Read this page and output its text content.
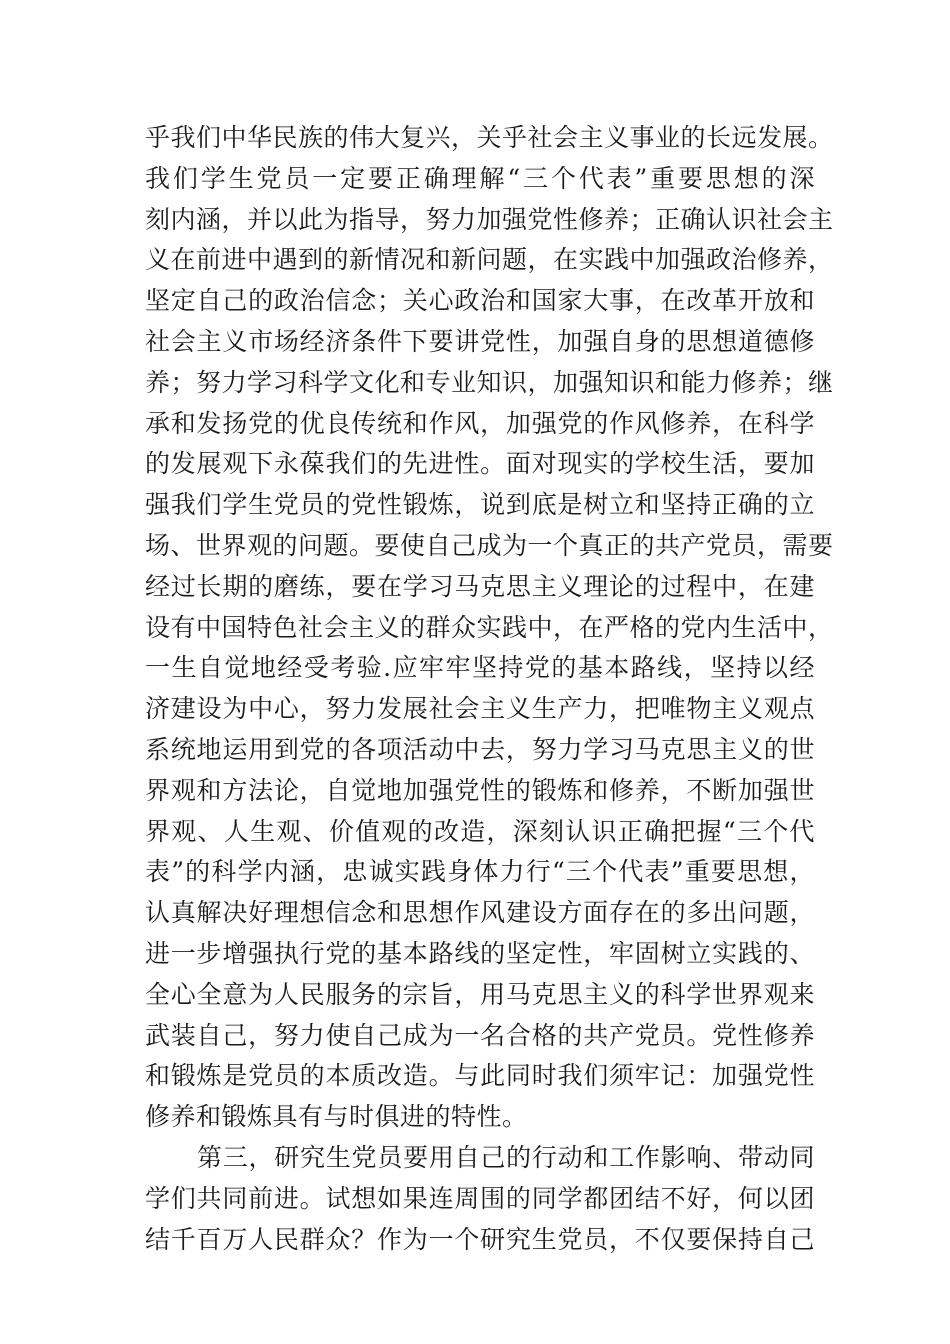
乎我们中华民族的伟大复兴，关乎社会主义事业的长远发展。
我们学生党员一定要正确理解“三个代表”重要思想的深
刻内涵，并以此为指导，努力加强党性修养；正确认识社会主
义在前进中遇到的新情况和新问题，在实践中加强政治修养，
坚定自己的政治信念；关心政治和国家大事，在改革开放和
社会主义市场经济条件下要讲党性，加强自身的思想道德修
养；努力学习科学文化和专业知识，加强知识和能力修养；继
承和发扬党的优良传统和作风，加强党的作风修养，在科学
的发展观下永葆我们的先进性。面对现实的学校生活，要加
强我们学生党员的党性锻炼，说到底是树立和坚持正确的立
场、世界观的问题。要使自己成为一个真正的共产党员，需要
经过长期的磨练，要在学习马克思主义理论的过程中，在建
设有中国特色社会主义的群众实践中，在严格的党内生活中，
一生自觉地经受考验.应牢牢坚持党的基本路线，坚持以经
济建设为中心，努力发展社会主义生产力，把唯物主义观点
系统地运用到党的各项活动中去，努力学习马克思主义的世
界观和方法论，自觉地加强党性的锻炼和修养，不断加强世
界观、人生观、价值观的改造，深刻认识正确把握“三个代
表”的科学内涵，忠诚实践身体力行“三个代表”重要思想，
认真解决好理想信念和思想作风建设方面存在的多出问题，
进一步增强执行党的基本路线的坚定性，牢固树立实践的、
全心全意为人民服务的宗旨，用马克思主义的科学世界观来
武装自己，努力使自己成为一名合格的共产党员。党性修养
和锻炼是党员的本质改造。与此同时我们须牢记：加强党性
修养和锻炼具有与时俱进的特性。
第三，研究生党员要用自己的行动和工作影响、带动同
学们共同前进。试想如果连周围的同学都团结不好，何以团
结千百万人民群众？作为一个研究生党员，不仅要保持自己
